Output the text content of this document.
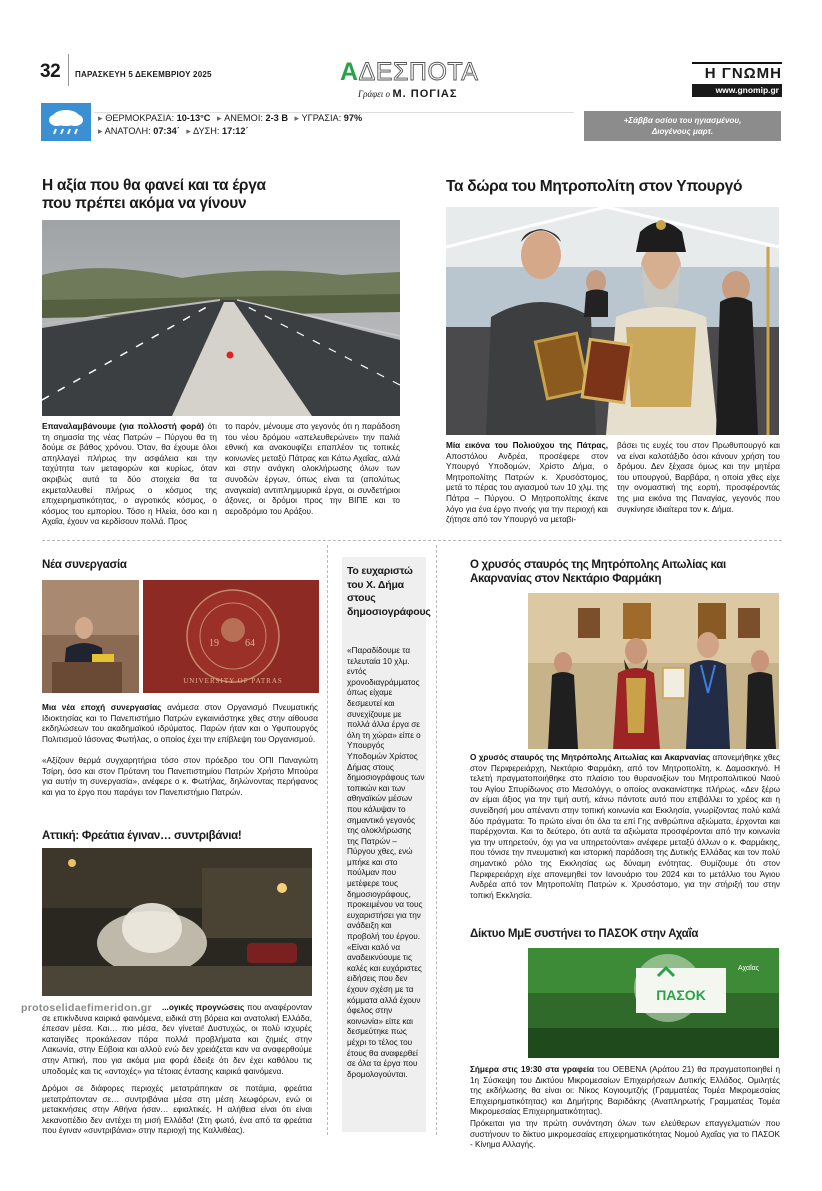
32 ΠΑΡΑΣΚΕΥΗ 5 ΔΕΚΕΜΒΡΙΟΥ 2025	ΑΔΕΣΠΟΤΑ
Γράφει ο Μ. ΠΟΓΙΑΣ
Η ΓΝΩΜΗ
www.gnomip.gr
▸ ΘΕΡΜΟΚΡΑΣΙΑ: 10-13°C ▸ ΑΝΕΜΟΙ: 2-3 Β ▸ ΥΓΡΑΣΙΑ: 97%
▸ ΑΝΑΤΟΛΗ: 07:34΄ ▸ ΔΥΣΗ: 17:12΄
+Σάββα οσίου του ηγιασμένου, Διογένους μαρτ.
Η αξία που θα φανεί και τα έργα που πρέπει ακόμα να γίνουν
Επαναλαμβάνουμε (για πολλοστή φορά) ότι τη σημασία της νέας Πατρών – Πύργου θα τη δούμε σε βάθος χρόνου. Όταν, θα έχουμε όλοι απηλλαγεί πλήρως την ασφάλεια και την ταχύτητα των μεταφορών και κυρίως, όταν ακριβώς αυτά τα δύο στοιχεία θα τα εκμεταλλευθεί πλήρως ο κόσμος της επιχειρηματικότητας, ο αγροτικός κόσμος, ο κόσμος του εμπορίου. Τόσο η Ηλεία, όσο και η Αχαΐα, έχουν να κερδίσουν πολλά. Προς
το παρόν, μένουμε στο γεγονός ότι η παράδοση του νέου δρόμου «απελευθερώνει» την παλιά εθνική και ανακουφίζει επαπλέον τις τοπικές κοινωνίες μεταξύ Πάτρας και Κάτω Αχαΐας, αλλά και στην ανάγκη ολοκλήρωσης όλων των συνοδών έργων, όπως είναι τα (απολύτως αναγκαία) αντιπλημμυρικά έργα, οι συνδετήριοι άξονες, οι δρόμοι προς την ΒΙΠΕ και το αεροδρόμιο του Αράξου.
Τα δώρα του Μητροπολίτη στον Υπουργό
Μία εικόνα του Πολιούχου της Πάτρας, Αποστόλου Ανδρέα, προσέφερε στον Υπουργό Υποδομών, Χρίστο Δήμα, ο Μητροπολίτης Πατρών κ. Χρυσόστομος, μετά το πέρας του αγιασμού των 10 χλμ. της Πάτρα – Πύργου. Ο Μητροπολίτης έκανε λόγο για ένα έργο πνοής για την περιοχή και ζήτησε από τον Υπουργό να μεταβι-
βάσει τις ευχές του στον Πρωθυπουργό και να είναι καλοτάξιδο όσοι κάνουν χρήση του δρόμου. Δεν ξέχασε όμως και την μητέρα του υπουργού, Βαρβάρα, η οποία χθες είχε την ονομαστική της εορτή, προσφέροντάς της μια εικόνα της Παναγίας, γεγονός που συγκίνησε ιδιαίτερα τον κ. Δήμα.
Νέα συνεργασία
19	64
UNIVERSITY OF PATRAS
Μια νέα εποχή συνεργασίας ανάμεσα στον Οργανισμό Πνευματικής Ιδιοκτησίας και το Πανεπιστήμιο Πατρών εγκαινιάστηκε χθες στην αίθουσα εκδηλώσεων του ακαδημαϊκού ιδρύματος. Παρών ήταν και ο Υφυπουργός Πολιτισμού Ιάσονας Φωτήλας, ο οποίος έχει την επίβλεψη του Οργανισμού.
«Αξίζουν θερμά συγχαρητήρια τόσο στον πρόεδρο του ΟΠΙ Παναγιώτη Τσίρη, όσο και στον Πρύτανη του Πανεπιστημίου Πατρών Χρήστο Μπούρα για αυτήν τη συνεργασία», ανέφερε ο κ. Φωτήλας, δηλώνοντας περήφανος και για το έργο που παράγει τον Πανεπιστήμιο Πατρών.
Αττική: Φρεάτια έγιναν… συντριβάνια!
protoselidaefimeridon.gr	...ογικές προγνώσεις που αναφέρονταν σε επικίνδυνα καιρικά φαινόμενα, ειδικά στη βόρεια και ανατολική Ελλάδα, έπεσαν μέσα. Και… πιο μέσα, δεν γίνεται! Δυστυχώς, οι πολύ ισχυρές καταιγίδες προκάλεσαν πάρα πολλά προβλήματα και ζημιές στην Λακωνία, στην Εύβοια και αλλού ενώ δεν χρειάζεται καν να αναφερθούμε στην Αττική, που για ακόμα μια φορά έδειξε ότι δεν έχει καθόλου τις υποδομές και τις «αντοχές» για τέτοιας έντασης καιρικά φαινόμενα.
Δρόμοι σε διάφορες περιοχές μετατράπηκαν σε ποτάμια, φρεάτια μετατράπονταν σε… συντριβάνια μέσα στη μέση λεωφόρων, ενώ οι μετακινήσεις στην Αθήνα ήσαν… εφιαλτικές. Η αλήθεια είναι ότι είναι λεκανοπέδιο δεν αντέχει τη μισή Ελλάδα! (Στη φωτό, ένα από τα φρεάτια που έγιναν «συντριβάνια» στην περιοχή της Καλλιθέας).
Το ευχαριστώ του Χ. Δήμα στους δημοσιογράφους
«Παραδίδουμε τα τελευταία 10 χλμ. εντός χρονοδιαγράμματος όπως είχαμε δεσμευτεί και συνεχίζουμε με πολλά άλλα έργα σε όλη τη χώρα» είπε ο Υπουργός Υποδομών Χρίστος Δήμας στους δημοσιογράφους των τοπικών και των αθηναϊκών μέσων που κάλυψαν το σημαντικό γεγονός της ολοκλήρωσης της Πατρών – Πύργου χθες, ενώ μπήκε και στο πούλμαν που μετέφερε τους δημοσιογράφους, προκειμένου να τους ευχαριστήσει για την ανάδειξη και προβολή του έργου. «Είναι καλό να αναδεικνύουμε τις καλές και ευχάριστες ειδήσεις που δεν έχουν σχέση με τα κόμματα αλλά έχουν όφελος στην κοινωνία» είπε και δεσμεύτηκε πως μέχρι το τέλος του έτους θα αναφερθεί σε όλα τα έργα που δρομολογούνται.
Ο χρυσός σταυρός της Μητρόπολης Αιτωλίας και Ακαρνανίας στον Νεκτάριο Φαρμάκη
Ο χρυσός σταυρός της Μητρόπολης Αιτωλίας και Ακαρνανίας απονεμήθηκε χθες στον Περιφερειάρχη, Νεκτάριο Φαρμάκη, από τον Μητροπολίτη, κ. Δαμασκηνό. Η τελετή πραγματοποιήθηκε στο πλαίσιο του θυρανοιξίων του Μητροπολιτικού Ναού του Αγίου Σπυρίδωνος στο Μεσολόγγι, ο οποίος ανακαινίστηκε πλήρως. «Δεν ξέρω αν είμαι άξιος για την τιμή αυτή, κάνω πάντοτε αυτό που επιβάλλει το χρέος και η συνείδησή μου απέναντι στην τοπική κοινωνία και Εκκλησία, γνωρίζοντας πολύ καλά δύο πράγματα: Το πρώτο είναι ότι όλα τα επί Γης ανθρώπινα αξιώματα, έρχονται και παρέρχονται. Και το δεύτερο, ότι αυτά τα αξιώματα προσφέρονται από την κοινωνία για την υπηρετούν, όχι για να υπηρετούνται» ανέφερε μεταξύ άλλων ο κ. Φαρμάκης, που τόνισε την πνευματική και ιστορική παράδοση της Δυτικής Ελλάδας και τον πολύ σημαντικό ρόλο της Εκκλησίας ως δύναμη ενότητας. Θυμίζουμε ότι στον Περιφερειάρχη είχε απονεμηθεί τον Ιανουάριο του 2024 και το μετάλλιο του Άγιου Ανδρέα από τον Μητροπολίτη Πατρών κ. Χρυσόστομο, για την στήριξή του στην τοπική Εκκλησία.
Δίκτυο ΜμΕ συστήνει το ΠΑΣΟΚ στην Αχαΐα
Αχαΐας
ΠΑΣΟΚ
Σήμερα στις 19:30 στα γραφεία του ΟΕΒΕΝΑ (Αράτου 21) θα πραγματοποιηθεί η 1η Σύσκεψη του Δικτύου Μικρομεσαίων Επιχειρήσεων Δυτικής Ελλάδος. Ομιλητές της εκδήλωσης θα είναι οι: Νίκος Κογιουμτζής (Γραμματέας Τομέα Μικρομεσαίας Επιχειρηματικότητας) και Δημήτρης Βαριδάκης (Αναπληρωτής Γραμματέας Τομέα Μικρομεσαίας Επιχειρηματικότητας).
Πρόκειται για την πρώτη συνάντηση όλων των ελεύθερων επαγγελματιών που συστήνουν το δίκτυο μικρομεσαίας επιχειρηματικότητας Νομού Αχαΐας για το ΠΑΣΟΚ - Κίνημα Αλλαγής.
